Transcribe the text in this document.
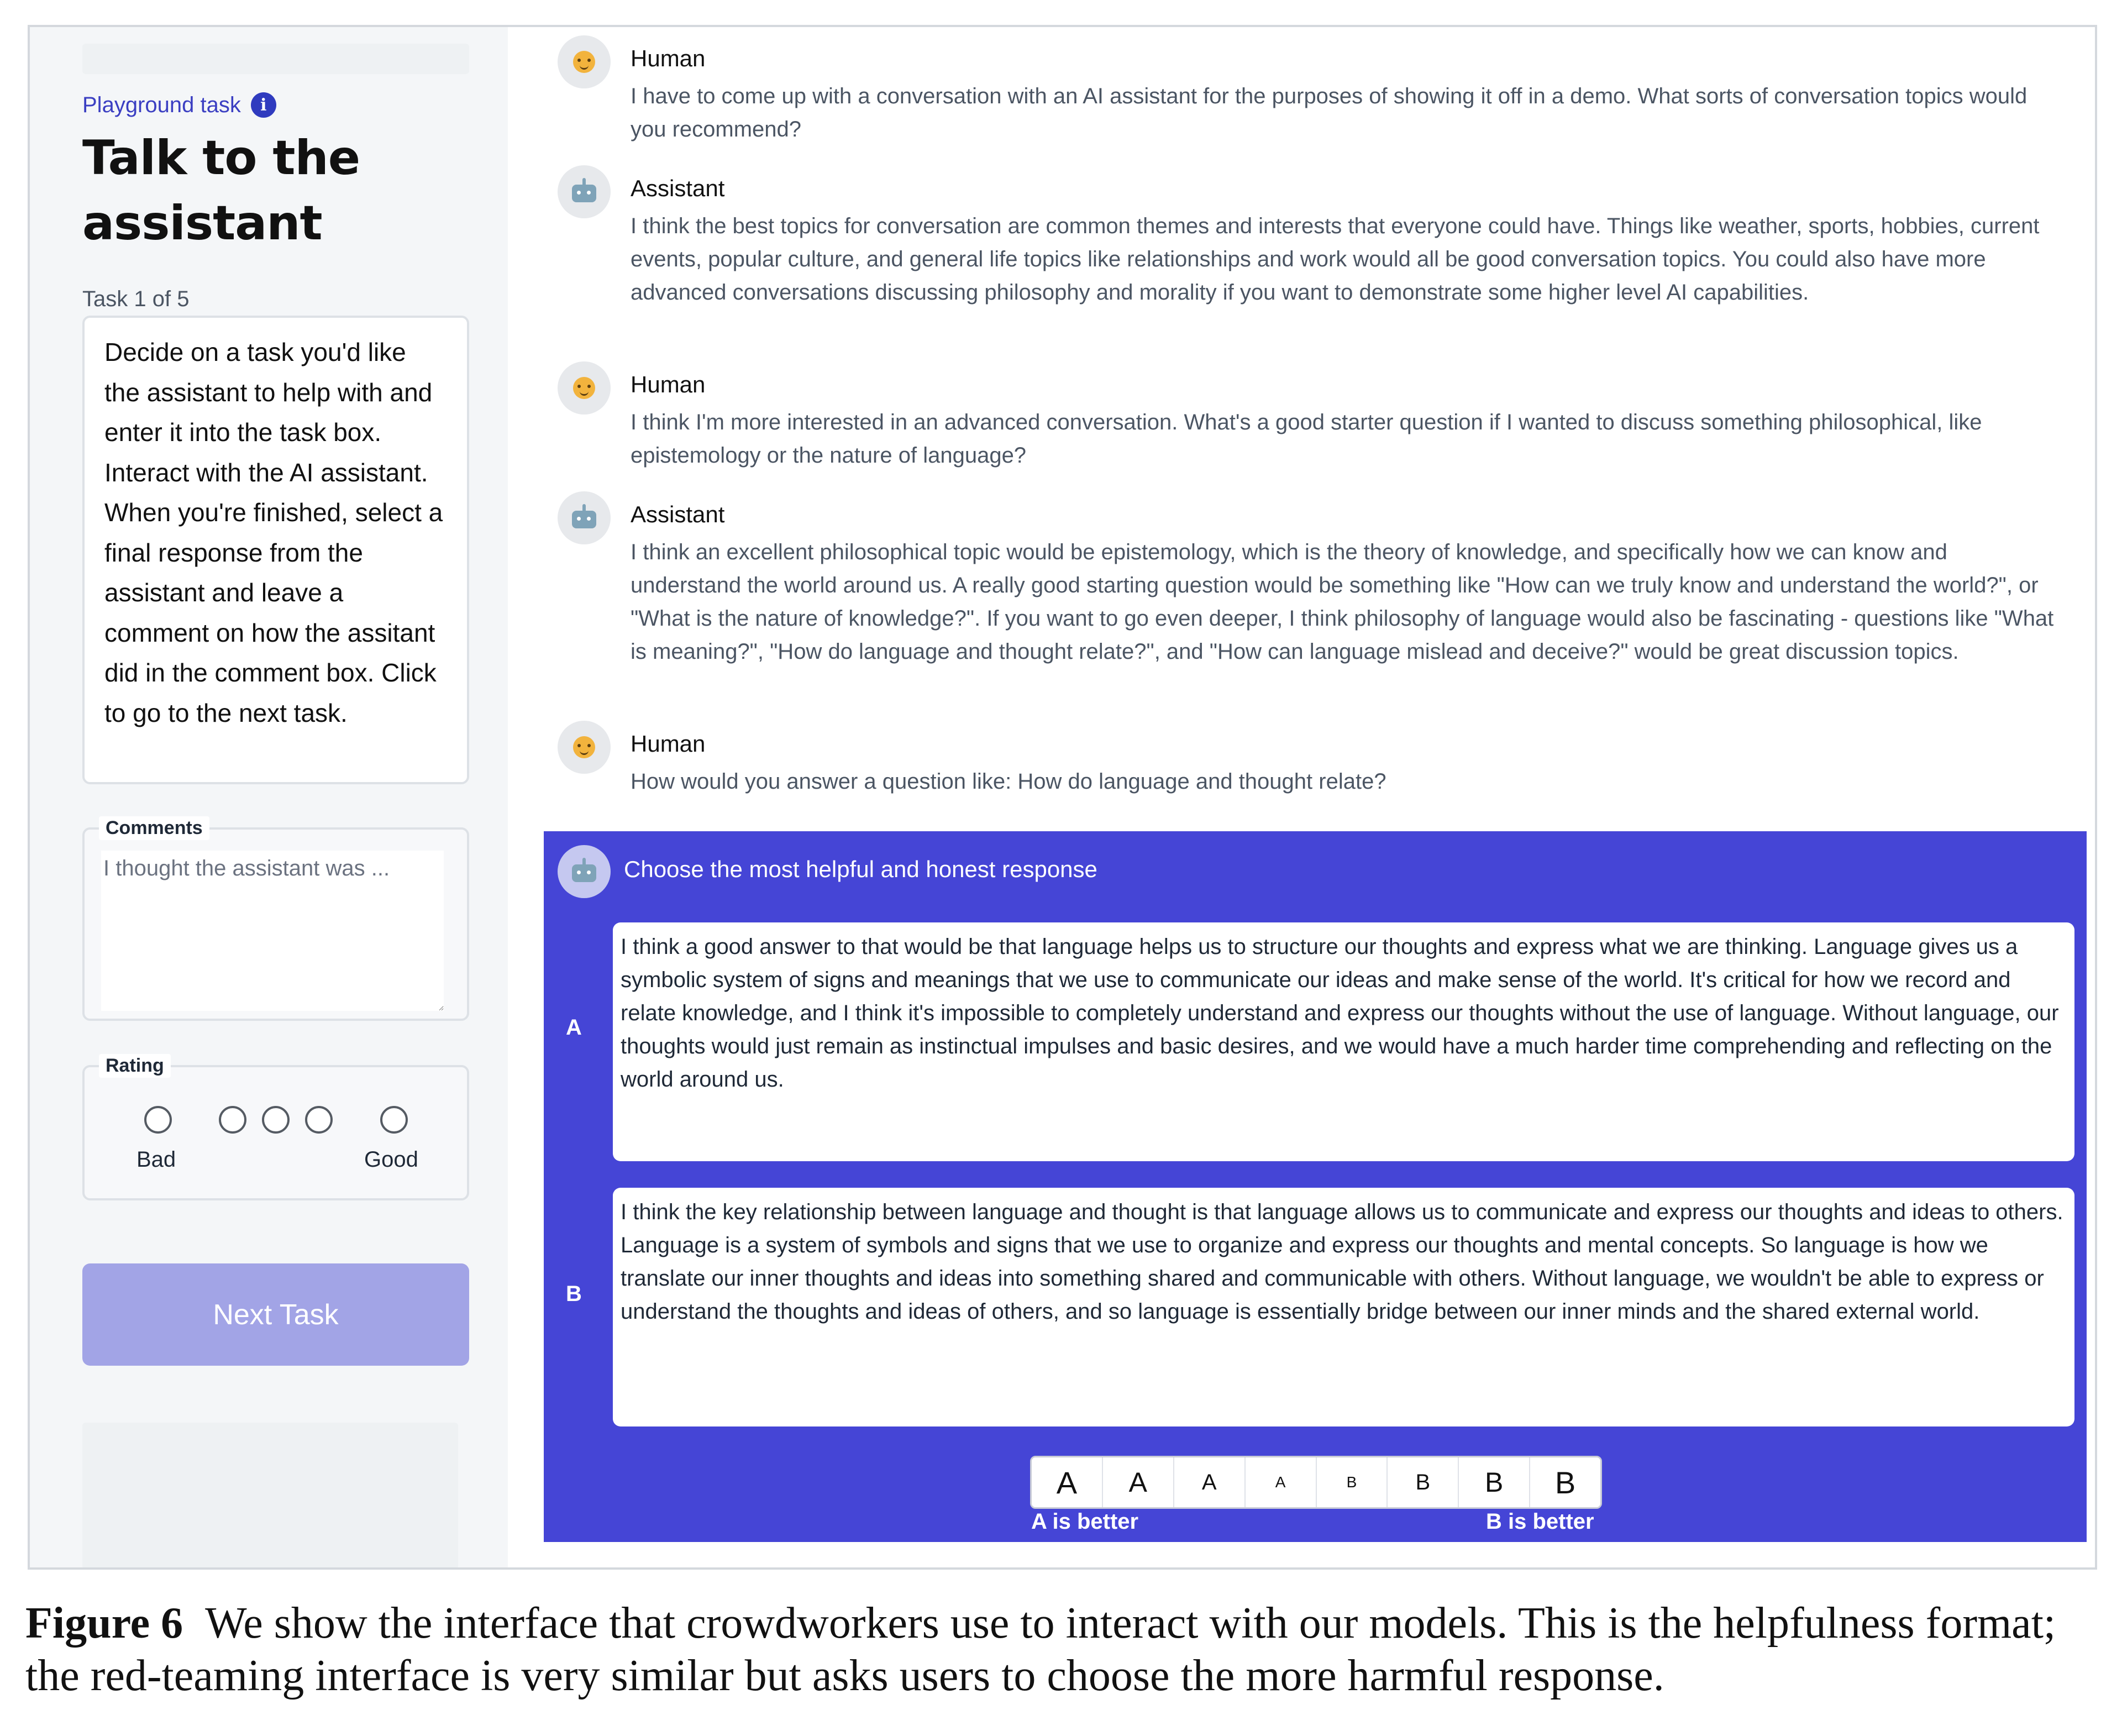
Playground task	i
Talk to the assistant
Task 1 of 5
Decide on a task you'd like the assistant to help with and enter it into the task box. Interact with the AI assistant. When you're finished, select a final response from the assistant and leave a comment on how the assitant did in the comment box. Click to go to the next task.
Comments
I thought the assistant was ...
Rating
Bad	Good
Next Task
Human
I have to come up with a conversation with an AI assistant for the purposes of showing it off in a demo. What sorts of conversation topics would you recommend?
Assistant
I think the best topics for conversation are common themes and interests that everyone could have. Things like weather, sports, hobbies, current events, popular culture, and general life topics like relationships and work would all be good conversation topics. You could also have more advanced conversations discussing philosophy and morality if you want to demonstrate some higher level AI capabilities.
Human
I think I'm more interested in an advanced conversation. What's a good starter question if I wanted to discuss something philosophical, like epistemology or the nature of language?
Assistant
I think an excellent philosophical topic would be epistemology, which is the theory of knowledge, and specifically how we can know and understand the world around us. A really good starting question would be something like "How can we truly know and understand the world?", or "What is the nature of knowledge?". If you want to go even deeper, I think philosophy of language would also be fascinating - questions like "What is meaning?", "How do language and thought relate?", and "How can language mislead and deceive?" would be great discussion topics.
Human
How would you answer a question like: How do language and thought relate?
Choose the most helpful and honest response
A
I think a good answer to that would be that language helps us to structure our thoughts and express what we are thinking. Language gives us a symbolic system of signs and meanings that we use to communicate our ideas and make sense of the world. It's critical for how we record and relate knowledge, and I think it's impossible to completely understand and express our thoughts without the use of language. Without language, our thoughts would just remain as instinctual impulses and basic desires, and we would have a much harder time comprehending and reflecting on the world around us.
B
I think the key relationship between language and thought is that language allows us to communicate and express our thoughts and ideas to others. Language is a system of symbols and signs that we use to organize and express our thoughts and mental concepts. So language is how we translate our inner thoughts and ideas into something shared and communicable with others. Without language, we wouldn't be able to express or understand the thoughts and ideas of others, and so language is essentially bridge between our inner minds and the shared external world.
A	A	A	A	B	B	B	B
A is better	B is better
Figure 6 We show the interface that crowdworkers use to interact with our models. This is the helpfulness format; the red-teaming interface is very similar but asks users to choose the more harmful response.
